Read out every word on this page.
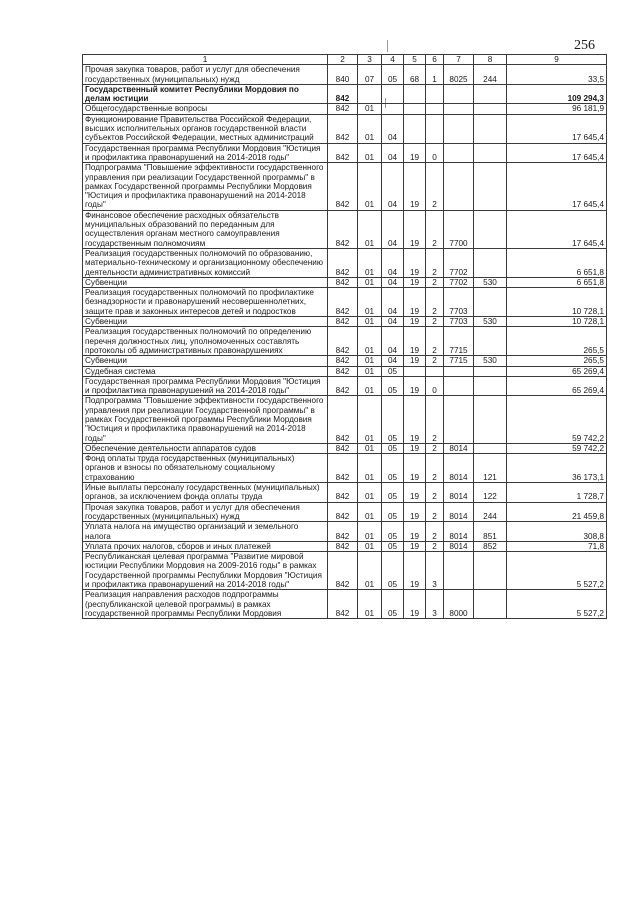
256
1	2	3	4	5	6	7	8	9
Прочая закупка товаров, работ и услуг для обеспечения государственных (муниципальных) нужд	840	07	05	68	1	8025	244	33,5
Государственный комитет Республики Мордовия по делам юстиции	842							109 294,3
Общегосударственные вопросы	842	01						96 181,9
Функционирование Правительства Российской Федерации, высших исполнительных органов государственной власти субъектов Российской Федерации, местных администраций	842	01	04					17 645,4
Государственная программа Республики Мордовия "Юстиция и профилактика правонарушений на 2014-2018 годы"	842	01	04	19	0			17 645,4
Подпрограмма "Повышение эффективности государственного управления при реализации Государственной программы" в рамках Государственной программы Республики Мордовия "Юстиция и профилактика правонарушений на 2014-2018 годы"	842	01	04	19	2			17 645,4
Финансовое обеспечение расходных обязательств муниципальных образований по переданным для осуществления органам местного самоуправления государственным полномочиям	842	01	04	19	2	7700		17 645,4
Реализация государственных полномочий по образованию, материально-техническому и организационному обеспечению деятельности административных комиссий	842	01	04	19	2	7702		6 651,8
Субвенции	842	01	04	19	2	7702	530	6 651,8
Реализация государственных полномочий по профилактике безнадзорности и правонарушений несовершеннолетних, защите прав и законных интересов детей и подростков	842	01	04	19	2	7703		10 728,1
Субвенции	842	01	04	19	2	7703	530	10 728,1
Реализация государственных полномочий по определению перечня должностных лиц, уполномоченных составлять протоколы об административных правонарушениях	842	01	04	19	2	7715		265,5
Субвенции	842	01	04	19	2	7715	530	265,5
Судебная система	842	01	05					65 269,4
Государственная программа Республики Мордовия "Юстиция и профилактика правонарушений на 2014-2018 годы"	842	01	05	19	0			65 269,4
Подпрограмма "Повышение эффективности государственного управления при реализации Государственной программы" в рамках Государственной программы Республики Мордовия "Юстиция и профилактика правонарушений на 2014-2018 годы"	842	01	05	19	2			59 742,2
Обеспечение деятельности аппаратов судов	842	01	05	19	2	8014		59 742,2
Фонд оплаты труда государственных (муниципальных) органов и взносы по обязательному социальному страхованию	842	01	05	19	2	8014	121	36 173,1
Иные выплаты персоналу государственных (муниципальных) органов, за исключением фонда оплаты труда	842	01	05	19	2	8014	122	1 728,7
Прочая закупка товаров, работ и услуг для обеспечения государственных (муниципальных) нужд	842	01	05	19	2	8014	244	21 459,8
Уплата налога на имущество организаций и земельного налога	842	01	05	19	2	8014	851	308,8
Уплата прочих налогов, сборов и иных платежей	842	01	05	19	2	8014	852	71,8
Республиканская целевая программа "Развитие мировой юстиции Республики Мордовия на 2009-2016 годы" в рамках Государственной программы Республики Мордовия "Юстиция и профилактика правонарушений на 2014-2018 годы"	842	01	05	19	3			5 527,2
Реализация направления расходов подпрограммы (республиканской целевой программы) в рамках государственной программы Республики Мордовия	842	01	05	19	3	8000		5 527,2
